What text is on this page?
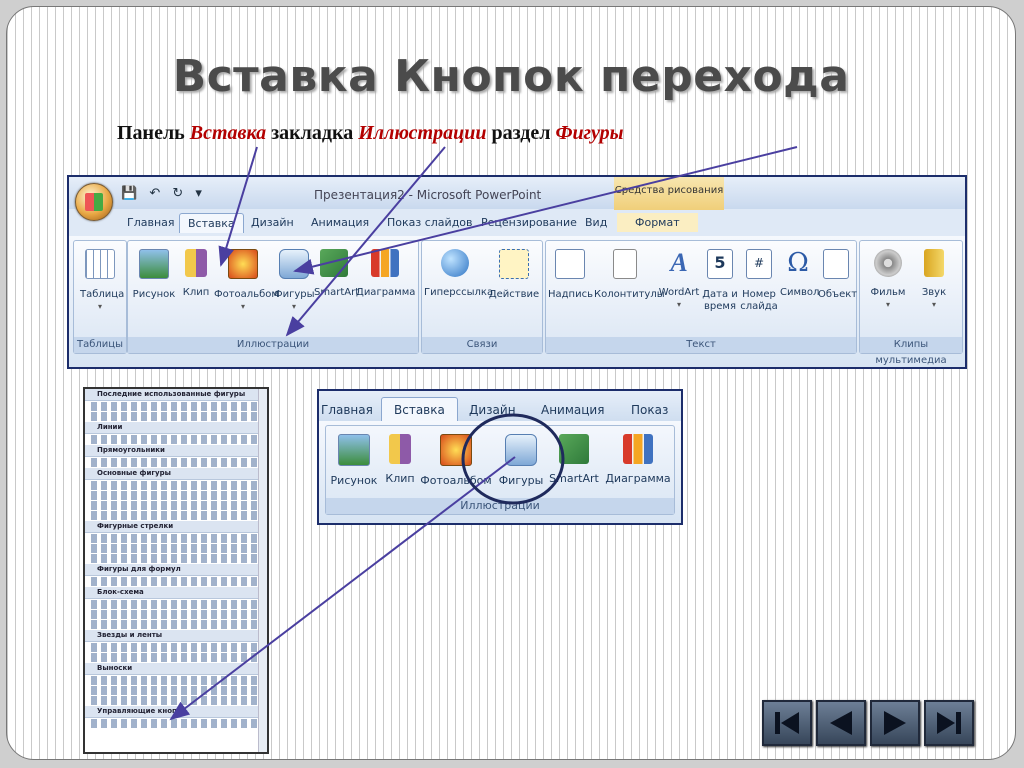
Вставка Кнопок перехода
Панель Вставка закладка Иллюстрации раздел Фигуры
💾 ↶ ↻ ▾	Презентация2 - Microsoft PowerPoint	Средства рисования
Главная	Вставка	Дизайн Анимация Показ слайдов Рецензирование Вид	Формат
Таблица
▾
Таблицы
Рисунок Клип Фотоальбом
▾
Фигуры
▾
SmartArt
Диаграмма
Иллюстрации
Гиперссылка
Действие
Связи
Надпись Колонтитулы
A
WordArt
▾
5
Дата и
время
#
Номер
слайда
Ω
Символ
Объект
Текст
Фильм
▾
Звук
▾
Клипы мультимедиа
Последние использованные фигуры
Линии
Прямоугольники
Основные фигуры
Фигурные стрелки
Фигуры для формул
Блок-схема
Звезды и ленты
Выноски
Управляющие кнопки
Главная	Вставка	Дизайн Анимация Показ
Рисунок Клип Фотоальбом Фигуры SmartArt Диаграмма
Иллюстрации
